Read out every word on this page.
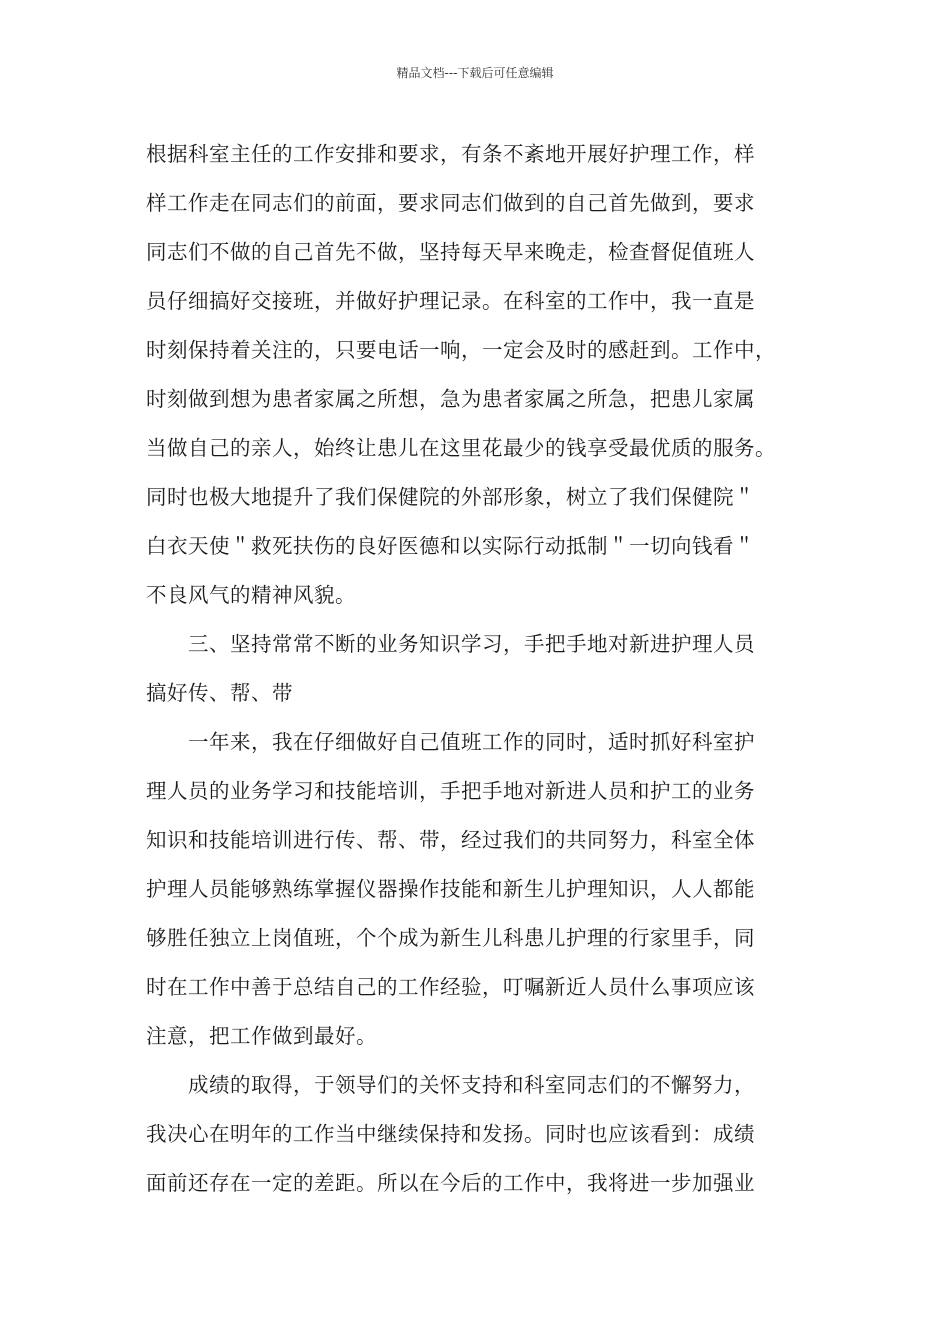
精品文档---下载后可任意编辑
根据科室主任的工作安排和要求，有条不紊地开展好护理工作，样
样工作走在同志们的前面，要求同志们做到的自己首先做到，要求
同志们不做的自己首先不做，坚持每天早来晚走，检查督促值班人
员仔细搞好交接班，并做好护理记录。在科室的工作中，我一直是
时刻保持着关注的，只要电话一响，一定会及时的感赶到。工作中，
时刻做到想为患者家属之所想，急为患者家属之所急，把患儿家属
当做自己的亲人，始终让患儿在这里花最少的钱享受最优质的服务。
同时也极大地提升了我们保健院的外部形象，树立了我们保健院＂
白衣天使＂救死扶伤的良好医德和以实际行动抵制＂一切向钱看＂
不良风气的精神风貌。
三、坚持常常不断的业务知识学习，手把手地对新进护理人员
搞好传、帮、带
一年来，我在仔细做好自己值班工作的同时，适时抓好科室护
理人员的业务学习和技能培训，手把手地对新进人员和护工的业务
知识和技能培训进行传、帮、带，经过我们的共同努力，科室全体
护理人员能够熟练掌握仪器操作技能和新生儿护理知识，人人都能
够胜任独立上岗值班，个个成为新生儿科患儿护理的行家里手，同
时在工作中善于总结自己的工作经验，叮嘱新近人员什么事项应该
注意，把工作做到最好。
成绩的取得，于领导们的关怀支持和科室同志们的不懈努力，
我决心在明年的工作当中继续保持和发扬。同时也应该看到：成绩
面前还存在一定的差距。所以在今后的工作中，我将进一步加强业
